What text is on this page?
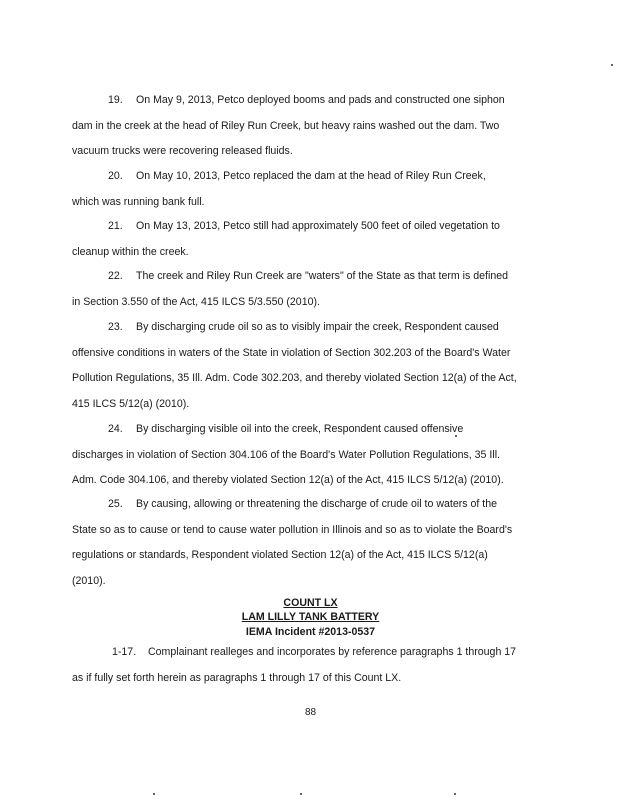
19. On May 9, 2013, Petco deployed booms and pads and constructed one siphon
dam in the creek at the head of Riley Run Creek, but heavy rains washed out the dam. Two
vacuum trucks were recovering released fluids.
20. On May 10, 2013, Petco replaced the dam at the head of Riley Run Creek,
which was running bank full.
21. On May 13, 2013, Petco still had approximately 500 feet of oiled vegetation to
cleanup within the creek.
22. The creek and Riley Run Creek are "waters" of the State as that term is defined
in Section 3.550 of the Act, 415 ILCS 5/3.550 (2010).
23. By discharging crude oil so as to visibly impair the creek, Respondent caused
offensive conditions in waters of the State in violation of Section 302.203 of the Board's Water
Pollution Regulations, 35 Ill. Adm. Code 302.203, and thereby violated Section 12(a) of the Act,
415 ILCS 5/12(a) (2010).
24. By discharging visible oil into the creek, Respondent caused offensive
discharges in violation of Section 304.106 of the Board's Water Pollution Regulations, 35 Ill.
Adm. Code 304.106, and thereby violated Section 12(a) of the Act, 415 ILCS 5/12(a) (2010).
25. By causing, allowing or threatening the discharge of crude oil to waters of the
State so as to cause or tend to cause water pollution in Illinois and so as to violate the Board's
regulations or standards, Respondent violated Section 12(a) of the Act, 415 ILCS 5/12(a)
(2010).
COUNT LX
LAM LILLY TANK BATTERY
IEMA Incident #2013-0537
1-17. Complainant realleges and incorporates by reference paragraphs 1 through 17
as if fully set forth herein as paragraphs 1 through 17 of this Count LX.
88
